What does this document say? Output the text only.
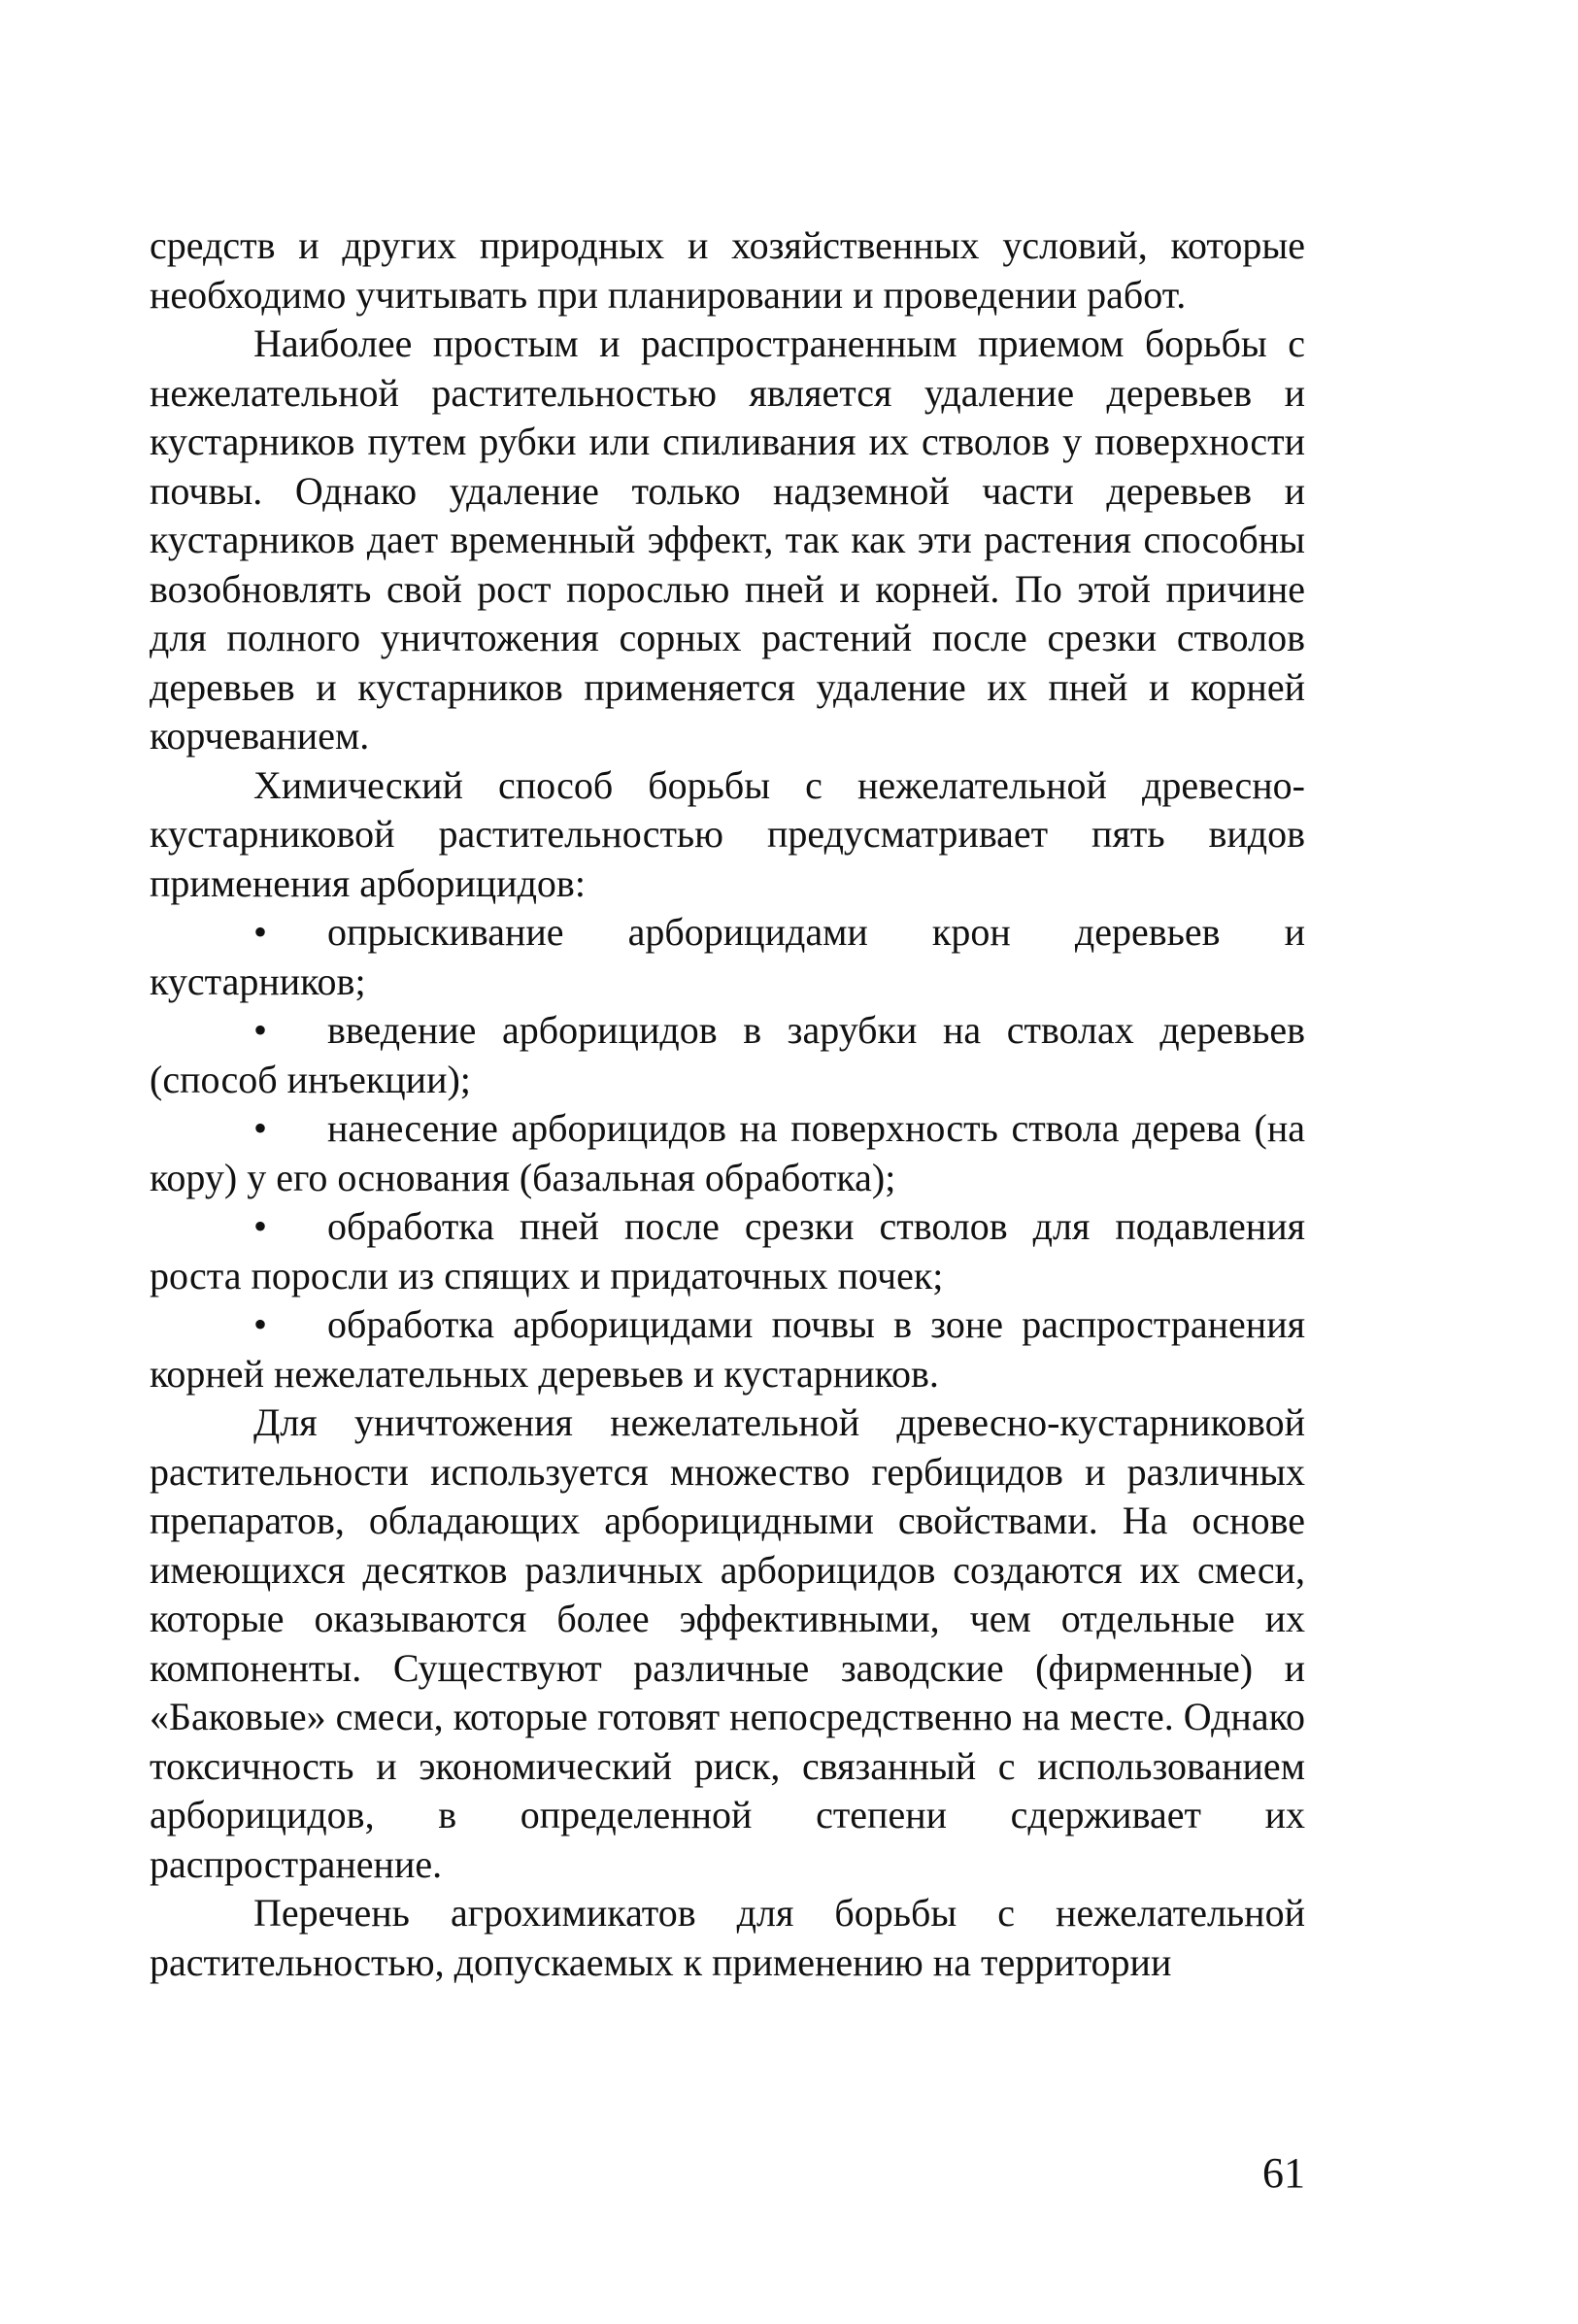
средств и других природных и хозяйственных условий, которые необходимо учитывать при планировании и проведении работ.

Наиболее простым и распространенным приемом борьбы с нежелательной растительностью является удаление деревьев и кустарников путем рубки или спиливания их стволов у поверхности почвы. Однако удаление только надземной части деревьев и кустарников дает временный эффект, так как эти растения способны возобновлять свой рост порослью пней и корней. По этой причине для полного уничтожения сорных растений после срезки стволов деревьев и кустарников применяется удаление их пней и корней корчеванием.

Химический способ борьбы с нежелательной древесно-кустарниковой растительностью предусматривает пять видов применения арборицидов:

• опрыскивание арборицидами крон деревьев и кустарников;

• введение арборицидов в зарубки на стволах деревьев (способ инъекции);

• нанесение арборицидов на поверхность ствола дерева (на кору) у его основания (базальная обработка);

• обработка пней после срезки стволов для подавления роста поросли из спящих и придаточных почек;

• обработка арборицидами почвы в зоне распространения корней нежелательных деревьев и кустарников.

Для уничтожения нежелательной древесно-кустарниковой растительности используется множество гербицидов и различных препаратов, обладающих арборицидными свойствами. На основе имеющихся десятков различных арборицидов создаются их смеси, которые оказываются более эффективными, чем отдельные их компоненты. Существуют различные заводские (фирменные) и «Баковые» смеси, которые готовят непосредственно на месте. Однако токсичность и экономический риск, связанный с использованием арборицидов, в определенной степени сдерживает их распространение.

Перечень агрохимикатов для борьбы с нежелательной растительностью, допускаемых к применению на территории

61
